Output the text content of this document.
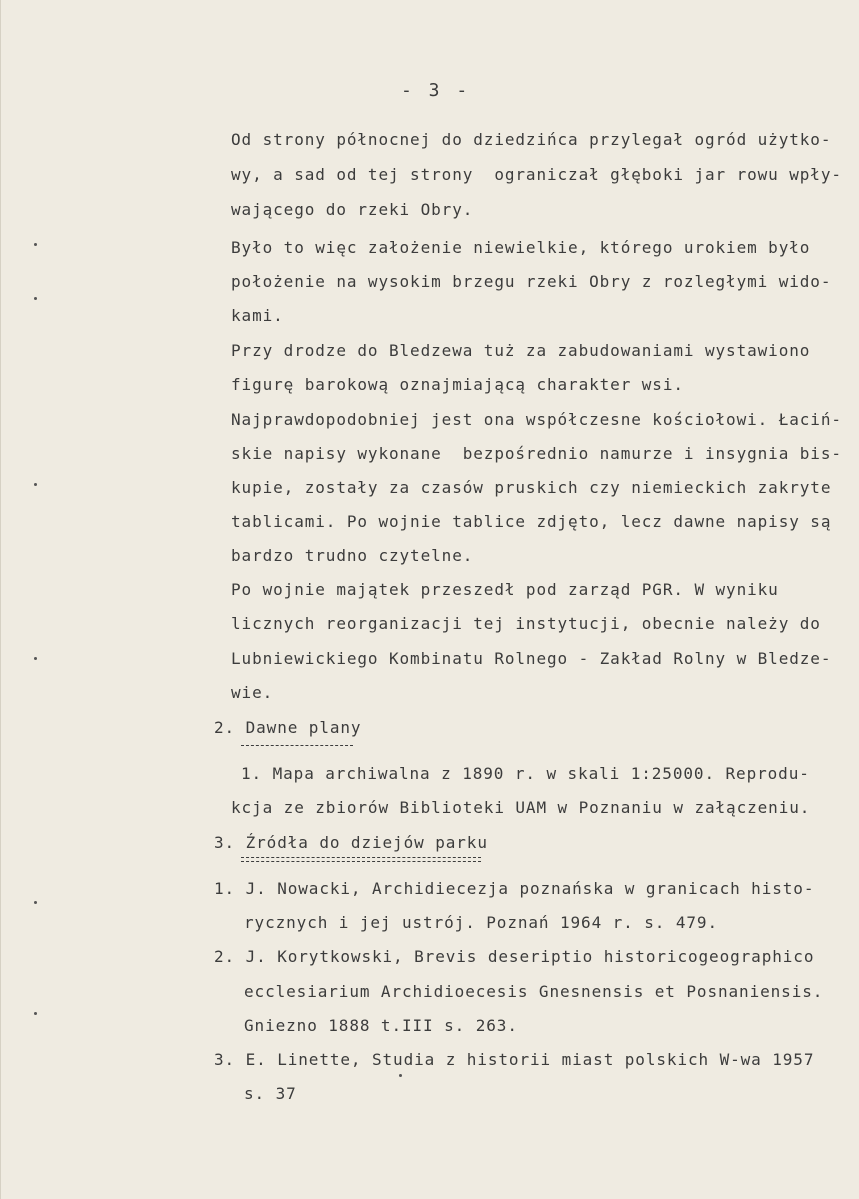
- 3 -
Od strony północnej do dziedzińca przylegał ogród użytko-
wy, a sad od tej strony  ograniczał głęboki jar rowu wpły-
wającego do rzeki Obry.
Było to więc założenie niewielkie, którego urokiem było
położenie na wysokim brzegu rzeki Obry z rozległymi wido-
kami.
Przy drodze do Bledzewa tuż za zabudowaniami wystawiono
figurę barokową oznajmiającą charakter wsi.
Najprawdopodobniej jest ona współczesne kościołowi. Łaciń-
skie napisy wykonane  bezpośrednio namurze i insygnia bis-
kupie, zostały za czasów pruskich czy niemieckich zakryte
tablicami. Po wojnie tablice zdjęto, lecz dawne napisy są
bardzo trudno czytelne.
Po wojnie majątek przeszedł pod zarząd PGR. W wyniku
licznych reorganizacji tej instytucji, obecnie należy do
Lubniewickiego Kombinatu Rolnego - Zakład Rolny w Bledze-
wie.
2. Dawne plany
1. Mapa archiwalna z 1890 r. w skali 1:25000. Reprodu-
kcja ze zbiorów Biblioteki UAM w Poznaniu w załączeniu.
3. Źródła do dziejów parku
1. J. Nowacki, Archidiecezja poznańska w granicach histo-
rycznych i jej ustrój. Poznań 1964 r. s. 479.
2. J. Korytkowski, Brevis deseriptio historicogeographico
ecclesiarium Archidioecesis Gnesnensis et Posnaniensis.
Gniezno 1888 t.III s. 263.
3. E. Linette, Studia z historii miast polskich W-wa 1957
s. 37
